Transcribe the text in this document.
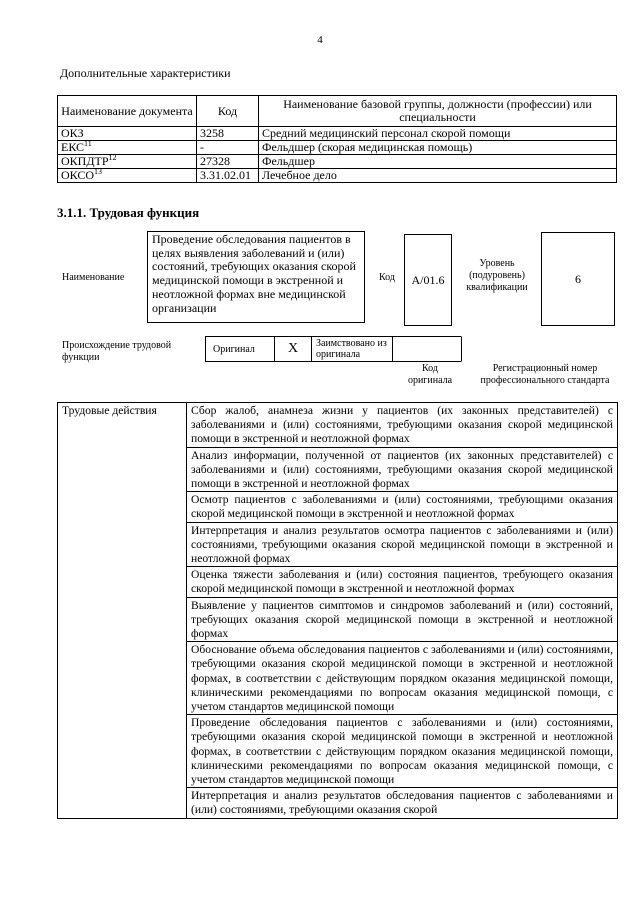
4
Дополнительные характеристики
Наименование документа	Код	Наименование базовой группы, должности (профессии) или специальности
ОКЗ	3258	Средний медицинский персонал скорой помощи
ЕКС$^{11}$	-	Фельдшер (скорая медицинская помощь)
ОКПДТР$^{12}$	27328	Фельдшер
ОКСО$^{13}$	3.31.02.01	Лечебное дело
3.1.1. Трудовая функция
Наименование
Проведение обследования пациентов в целях выявления заболеваний и (или) состояний, требующих оказания скорой медицинской помощи в экстренной и неотложной формах вне медицинской организации
Код	A/01.6
Уровень (подуровень) квалификации
6
Происхождение трудовой функции
Оригинал	X	Заимствовано из оригинала
Код оригинала
Регистрационный номер профессионального стандарта
Трудовые действия	Сбор жалоб, анамнеза жизни у пациентов (их законных представителей) с заболеваниями и (или) состояниями, требующими оказания скорой медицинской помощи в экстренной и неотложной формах
Анализ информации, полученной от пациентов (их законных представителей) с заболеваниями и (или) состояниями, требующими оказания скорой медицинской помощи в экстренной и неотложной формах
Осмотр пациентов с заболеваниями и (или) состояниями, требующими оказания скорой медицинской помощи в экстренной и неотложной формах
Интерпретация и анализ результатов осмотра пациентов с заболеваниями и (или) состояниями, требующими оказания скорой медицинской помощи в экстренной и неотложной формах
Оценка тяжести заболевания и (или) состояния пациентов, требующего оказания скорой медицинской помощи в экстренной и неотложной формах
Выявление у пациентов симптомов и синдромов заболеваний и (или) состояний, требующих оказания скорой медицинской помощи в экстренной и неотложной формах
Обоснование объема обследования пациентов с заболеваниями и (или) состояниями, требующими оказания скорой медицинской помощи в экстренной и неотложной формах, в соответствии с действующим порядком оказания медицинской помощи, клиническими рекомендациями по вопросам оказания медицинской помощи, с учетом стандартов медицинской помощи
Проведение обследования пациентов с заболеваниями и (или) состояниями, требующими оказания скорой медицинской помощи в экстренной и неотложной формах, в соответствии с действующим порядком оказания медицинской помощи, клиническими рекомендациями по вопросам оказания медицинской помощи, с учетом стандартов медицинской помощи
Интерпретация и анализ результатов обследования пациентов с заболеваниями и (или) состояниями, требующими оказания скорой
